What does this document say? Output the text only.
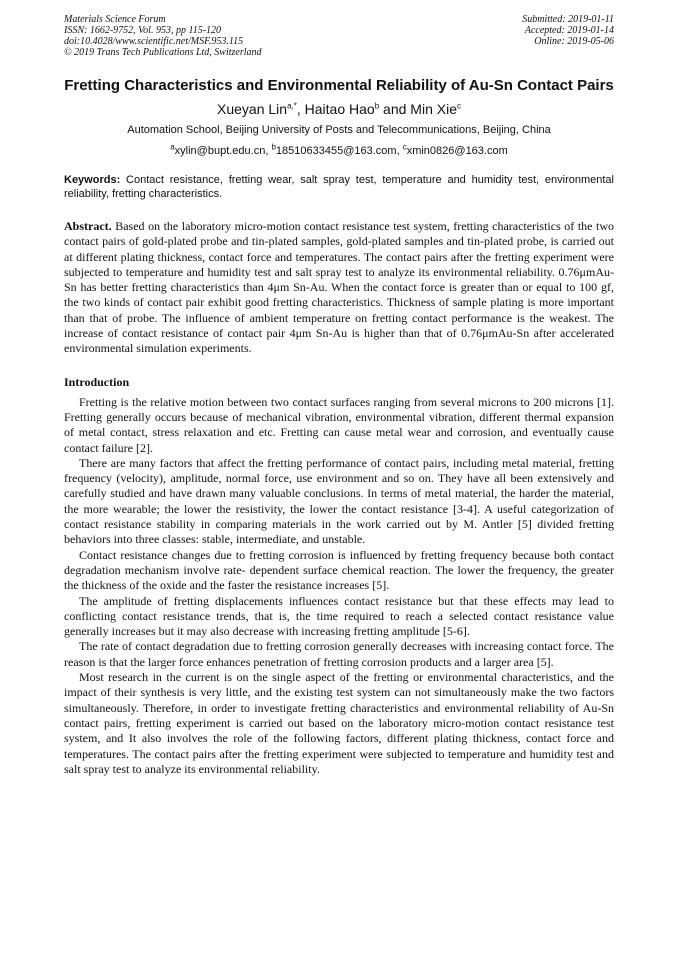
Materials Science Forum
ISSN: 1662-9752, Vol. 953, pp 115-120
doi:10.4028/www.scientific.net/MSF.953.115
© 2019 Trans Tech Publications Ltd, Switzerland
Submitted: 2019-01-11
Accepted: 2019-01-14
Online: 2019-05-06
Fretting Characteristics and Environmental Reliability of Au-Sn Contact Pairs
Xueyan Lin$^{a,*}$, Haitao Hao$^b$ and Min Xie$^c$
Automation School, Beijing University of Posts and Telecommunications, Beijing, China
$^a$xylin@bupt.edu.cn, $^b$18510633455@163.com, $^c$xmin0826@163.com
Keywords: Contact resistance, fretting wear, salt spray test, temperature and humidity test, environmental reliability, fretting characteristics.
Abstract. Based on the laboratory micro-motion contact resistance test system, fretting characteristics of the two contact pairs of gold-plated probe and tin-plated samples, gold-plated samples and tin-plated probe, is carried out at different plating thickness, contact force and temperatures. The contact pairs after the fretting experiment were subjected to temperature and humidity test and salt spray test to analyze its environmental reliability. 0.76μmAu-Sn has better fretting characteristics than 4μm Sn-Au. When the contact force is greater than or equal to 100 gf, the two kinds of contact pair exhibit good fretting characteristics. Thickness of sample plating is more important than that of probe. The influence of ambient temperature on fretting contact performance is the weakest. The increase of contact resistance of contact pair 4μm Sn-Au is higher than that of 0.76μmAu-Sn after accelerated environmental simulation experiments.
Introduction

Fretting is the relative motion between two contact surfaces ranging from several microns to 200 microns [1]. Fretting generally occurs because of mechanical vibration, environmental vibration, different thermal expansion of metal contact, stress relaxation and etc. Fretting can cause metal wear and corrosion, and eventually cause contact failure [2].

There are many factors that affect the fretting performance of contact pairs, including metal material, fretting frequency (velocity), amplitude, normal force, use environment and so on. They have all been extensively and carefully studied and have drawn many valuable conclusions. In terms of metal material, the harder the material, the more wearable; the lower the resistivity, the lower the contact resistance [3-4]. A useful categorization of contact resistance stability in comparing materials in the work carried out by M. Antler [5] divided fretting behaviors into three classes: stable, intermediate, and unstable.

Contact resistance changes due to fretting corrosion is influenced by fretting frequency because both contact degradation mechanism involve rate- dependent surface chemical reaction. The lower the frequency, the greater the thickness of the oxide and the faster the resistance increases [5].

The amplitude of fretting displacements influences contact resistance but that these effects may lead to conflicting contact resistance trends, that is, the time required to reach a selected contact resistance value generally increases but it may also decrease with increasing fretting amplitude [5-6].

The rate of contact degradation due to fretting corrosion generally decreases with increasing contact force. The reason is that the larger force enhances penetration of fretting corrosion products and a larger area [5].

Most research in the current is on the single aspect of the fretting or environmental characteristics, and the impact of their synthesis is very little, and the existing test system can not simultaneously make the two factors simultaneously. Therefore, in order to investigate fretting characteristics and environmental reliability of Au-Sn contact pairs, fretting experiment is carried out based on the laboratory micro-motion contact resistance test system, and It also involves the role of the following factors, different plating thickness, contact force and temperatures. The contact pairs after the fretting experiment were subjected to temperature and humidity test and salt spray test to analyze its environmental reliability.
